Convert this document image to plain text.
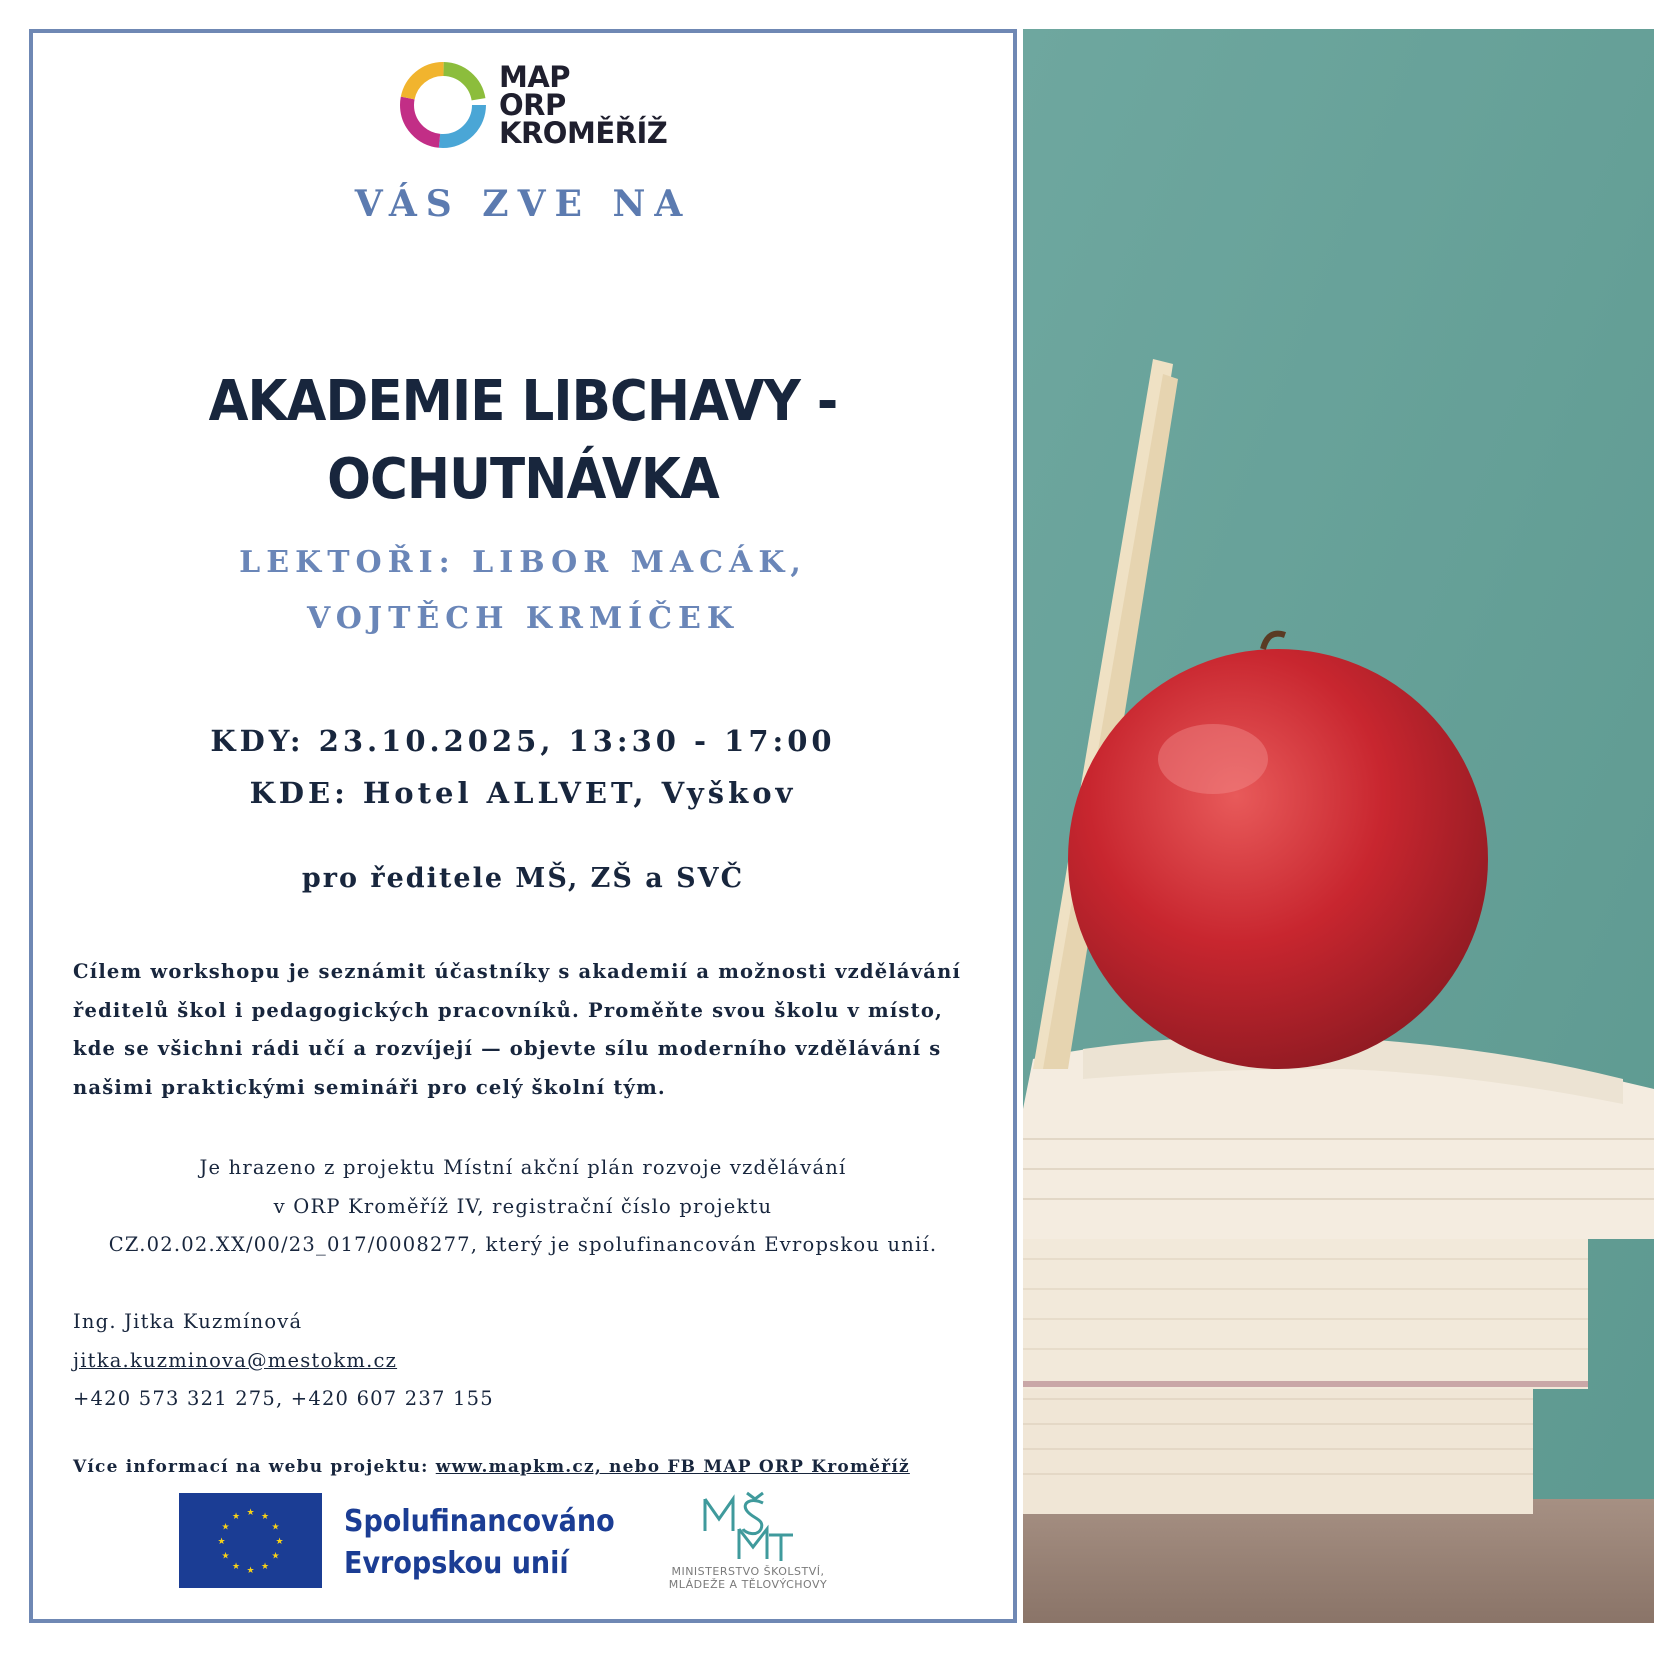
MAP
ORP
KROMĚŘÍŽ
VÁS ZVE NA
AKADEMIE LIBCHAVY -
OCHUTNÁVKA
LEKTOŘI: LIBOR MACÁK,
VOJTĚCH KRMÍČEK
KDY: 23.10.2025, 13:30 - 17:00
KDE: Hotel ALLVET, Vyškov
pro ředitele MŠ, ZŠ a SVČ
Cílem workshopu je seznámit účastníky s akademií a možnosti vzdělávání
ředitelů škol i pedagogických pracovníků. Proměňte svou školu v místo,
kde se všichni rádi učí a rozvíjejí — objevte sílu moderního vzdělávání s
našimi praktickými semináři pro celý školní tým.
Je hrazeno z projektu Místní akční plán rozvoje vzdělávání
v ORP Kroměříž IV, registrační číslo projektu
CZ.02.02.XX/00/23_017/0008277, který je spolufinancován Evropskou unií.
Ing. Jitka Kuzmínová
jitka.kuzminova@mestokm.cz
+420 573 321 275, +420 607 237 155
Více informací na webu projektu: www.mapkm.cz, nebo FB MAP ORP Kroměříž
★ ★
★
★
★
★
★
★
★
★
★
★	Spolufinancováno
Evropskou unií	MINISTERSTVO ŠKOLSTVÍ,
MLÁDEŽE A TĚLOVÝCHOVY
